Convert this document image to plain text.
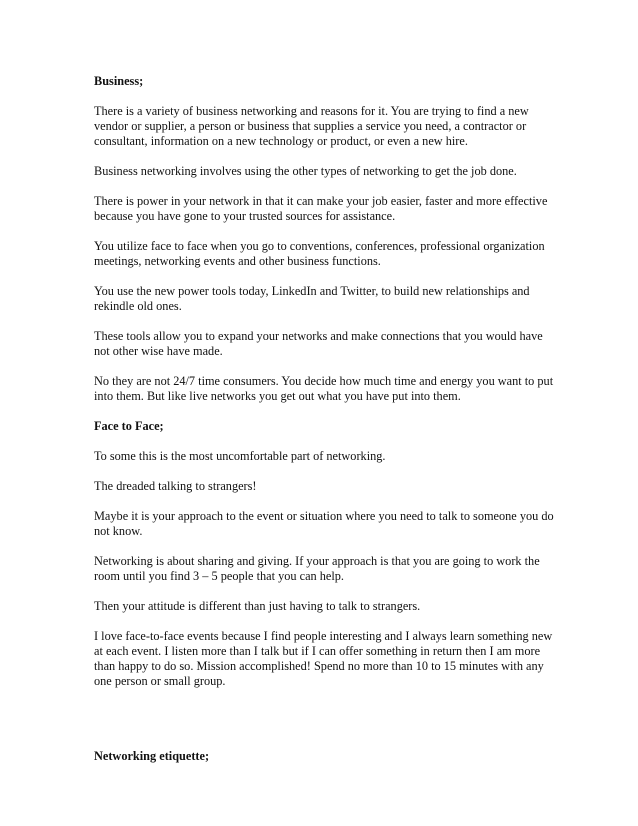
Business;

There is a variety of business networking and reasons for it. You are trying to find a new vendor or supplier, a person or business that supplies a service you need, a contractor or consultant, information on a new technology or product, or even a new hire.

Business networking involves using the other types of networking to get the job done.

There is power in your network in that it can make your job easier, faster and more effective because you have gone to your trusted sources for assistance.

You utilize face to face when you go to conventions, conferences, professional organization meetings, networking events and other business functions.

You use the new power tools today, LinkedIn and Twitter, to build new relationships and rekindle old ones.

These tools allow you to expand your networks and make connections that you would have not other wise have made.

No they are not 24/7 time consumers. You decide how much time and energy you want to put into them. But like live networks you get out what you have put into them.

Face to Face;

To some this is the most uncomfortable part of networking.

The dreaded talking to strangers!

Maybe it is your approach to the event or situation where you need to talk to someone you do not know.

Networking is about sharing and giving. If your approach is that you are going to work the room until you find 3 – 5 people that you can help.

Then your attitude is different than just having to talk to strangers.

I love face-to-face events because I find people interesting and I always learn something new at each event. I listen more than I talk but if I can offer something in return then I am more than happy to do so. Mission accomplished! Spend no more than 10 to 15 minutes with any one person or small group.

Networking etiquette;
